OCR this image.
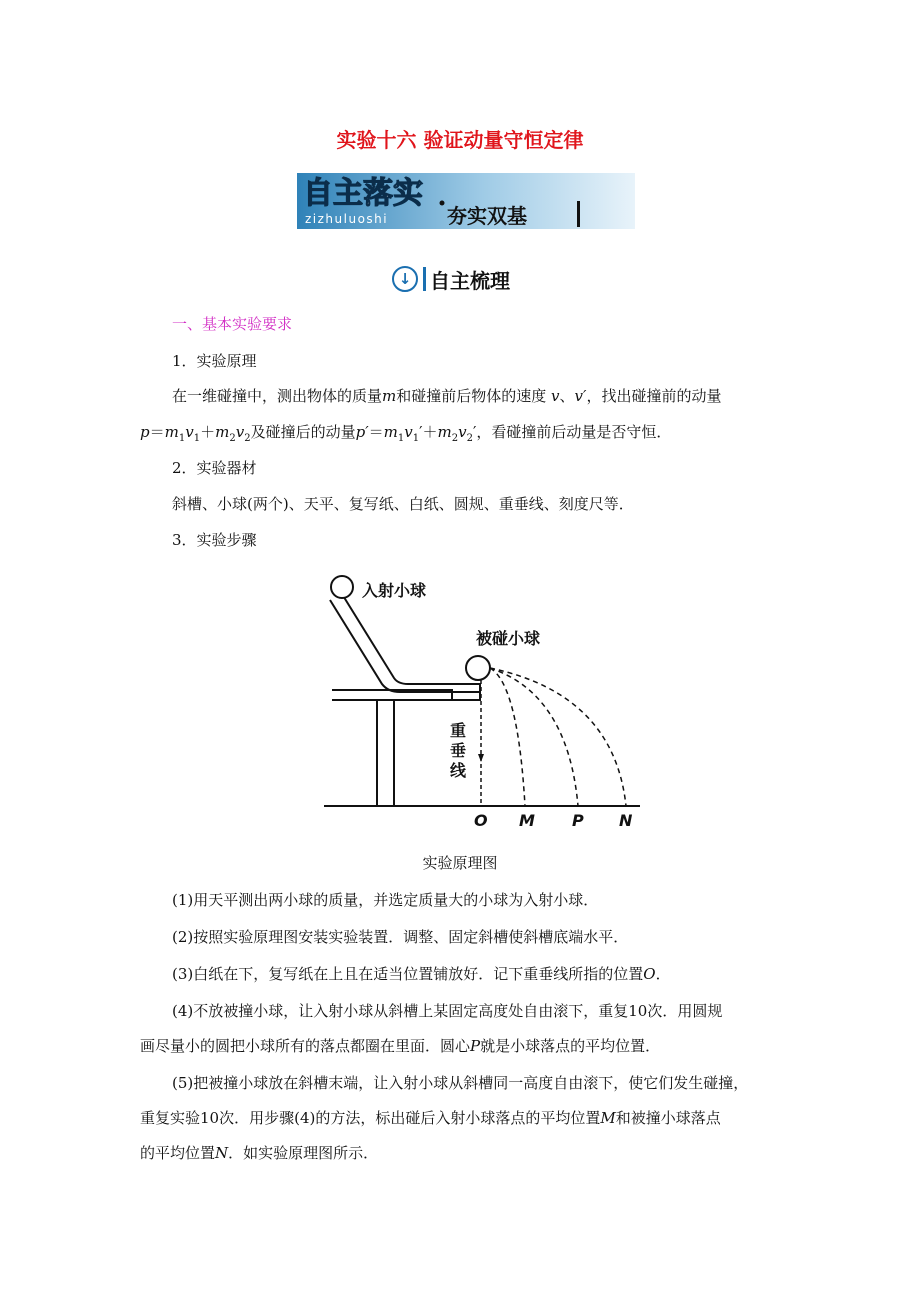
实验十六 验证动量守恒定律
自主落实
zizhuluoshi	夯实双基
↓ 自主梳理
一、基本实验要求
1．实验原理
在一维碰撞中，测出物体的质量m和碰撞前后物体的速度 v、v′，找出碰撞前的动量
$p=m_1v_1+m_2v_2$及碰撞后的动量$p'=m_1v_1'+m_2v_2'$，看碰撞前后动量是否守恒．
2．实验器材
斜槽、小球(两个)、天平、复写纸、白纸、圆规、重垂线、刻度尺等．
3．实验步骤
入射小球
被碰小球
重
垂
线
O M P N
实验原理图
(1)用天平测出两小球的质量，并选定质量大的小球为入射小球．
(2)按照实验原理图安装实验装置．调整、固定斜槽使斜槽底端水平．
(3)白纸在下，复写纸在上且在适当位置铺放好．记下重垂线所指的位置O．
(4)不放被撞小球，让入射小球从斜槽上某固定高度处自由滚下，重复10次．用圆规
画尽量小的圆把小球所有的落点都圈在里面．圆心P就是小球落点的平均位置．
(5)把被撞小球放在斜槽末端，让入射小球从斜槽同一高度自由滚下，使它们发生碰撞，
重复实验10次．用步骤(4)的方法，标出碰后入射小球落点的平均位置M和被撞小球落点
的平均位置N．如实验原理图所示．
